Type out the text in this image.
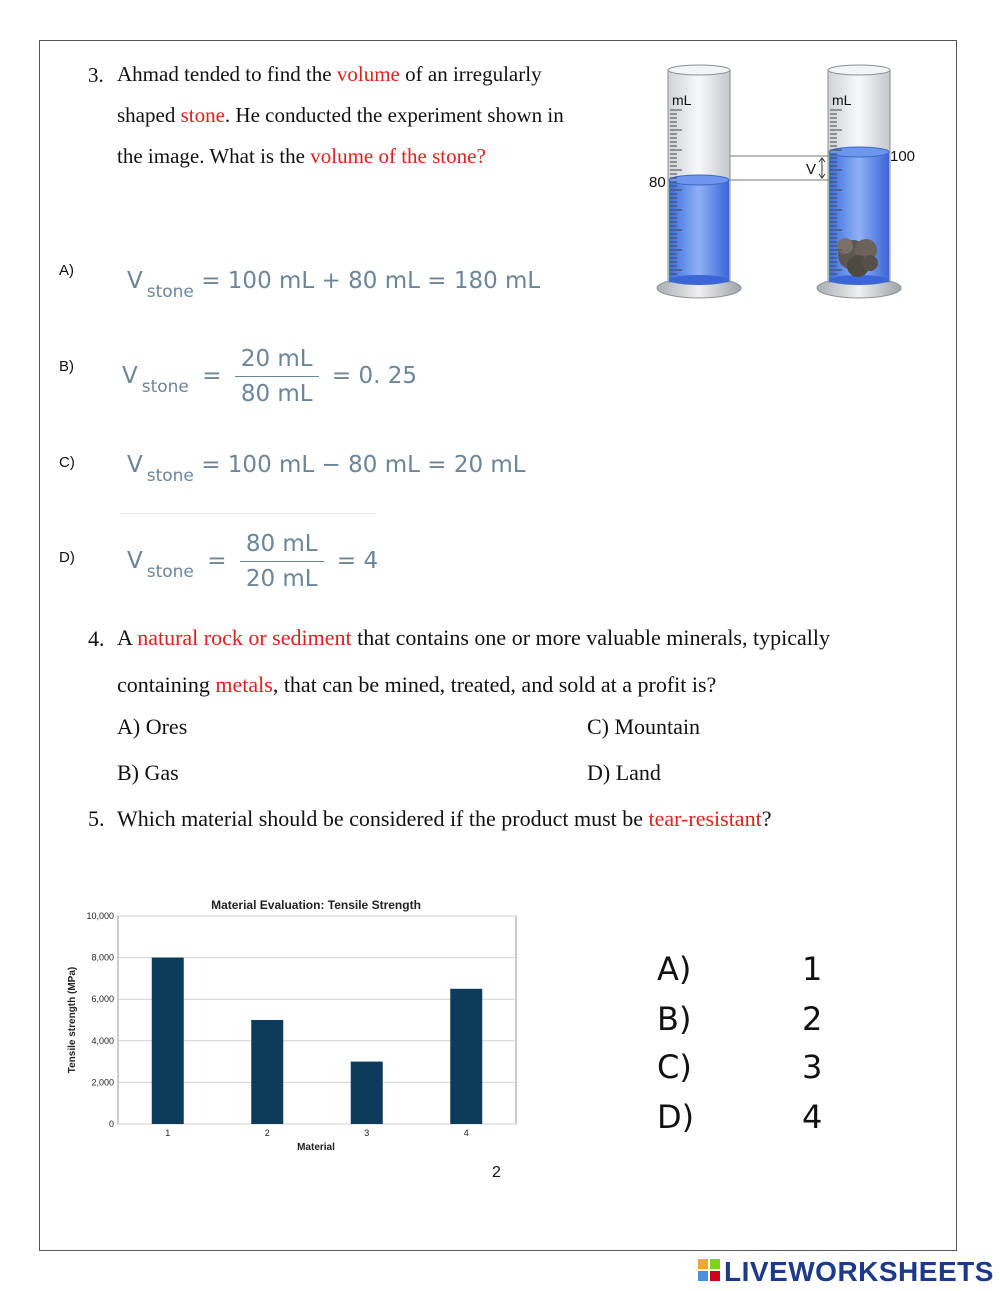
3. Ahmad tended to find the volume of an irregularly
shaped stone. He conducted the experiment shown in
the image. What is the volume of the stone?
V
mL	mL
80
100
A) V $_{stone}$ = 100 mL + 80 mL = 180 mL
B) V $_{stone} = \frac{20 mL}{80 mL} = 0$. 25
C) V $_{stone}$ = 100 mL − 80 mL = 20 mL
D) V $_{stone} = \frac{80 mL}{20 mL} = 4$
4. A natural rock or sediment that contains one or more valuable minerals, typically
containing metals, that can be mined, treated, and sold at a profit is?
A) Ores
B) Gas
C) Mountain
D) Land
5. Which material should be considered if the product must be tear-resistant?
Material Evaluation: Tensile Strength
Material
Tensile strength (MPa)
0
2,000
4,000
6,000
8,000
10,000
1	2	3	4
A)	1
B)	2
C)	3
D)	4
2
LIVEWORKSHEETS
